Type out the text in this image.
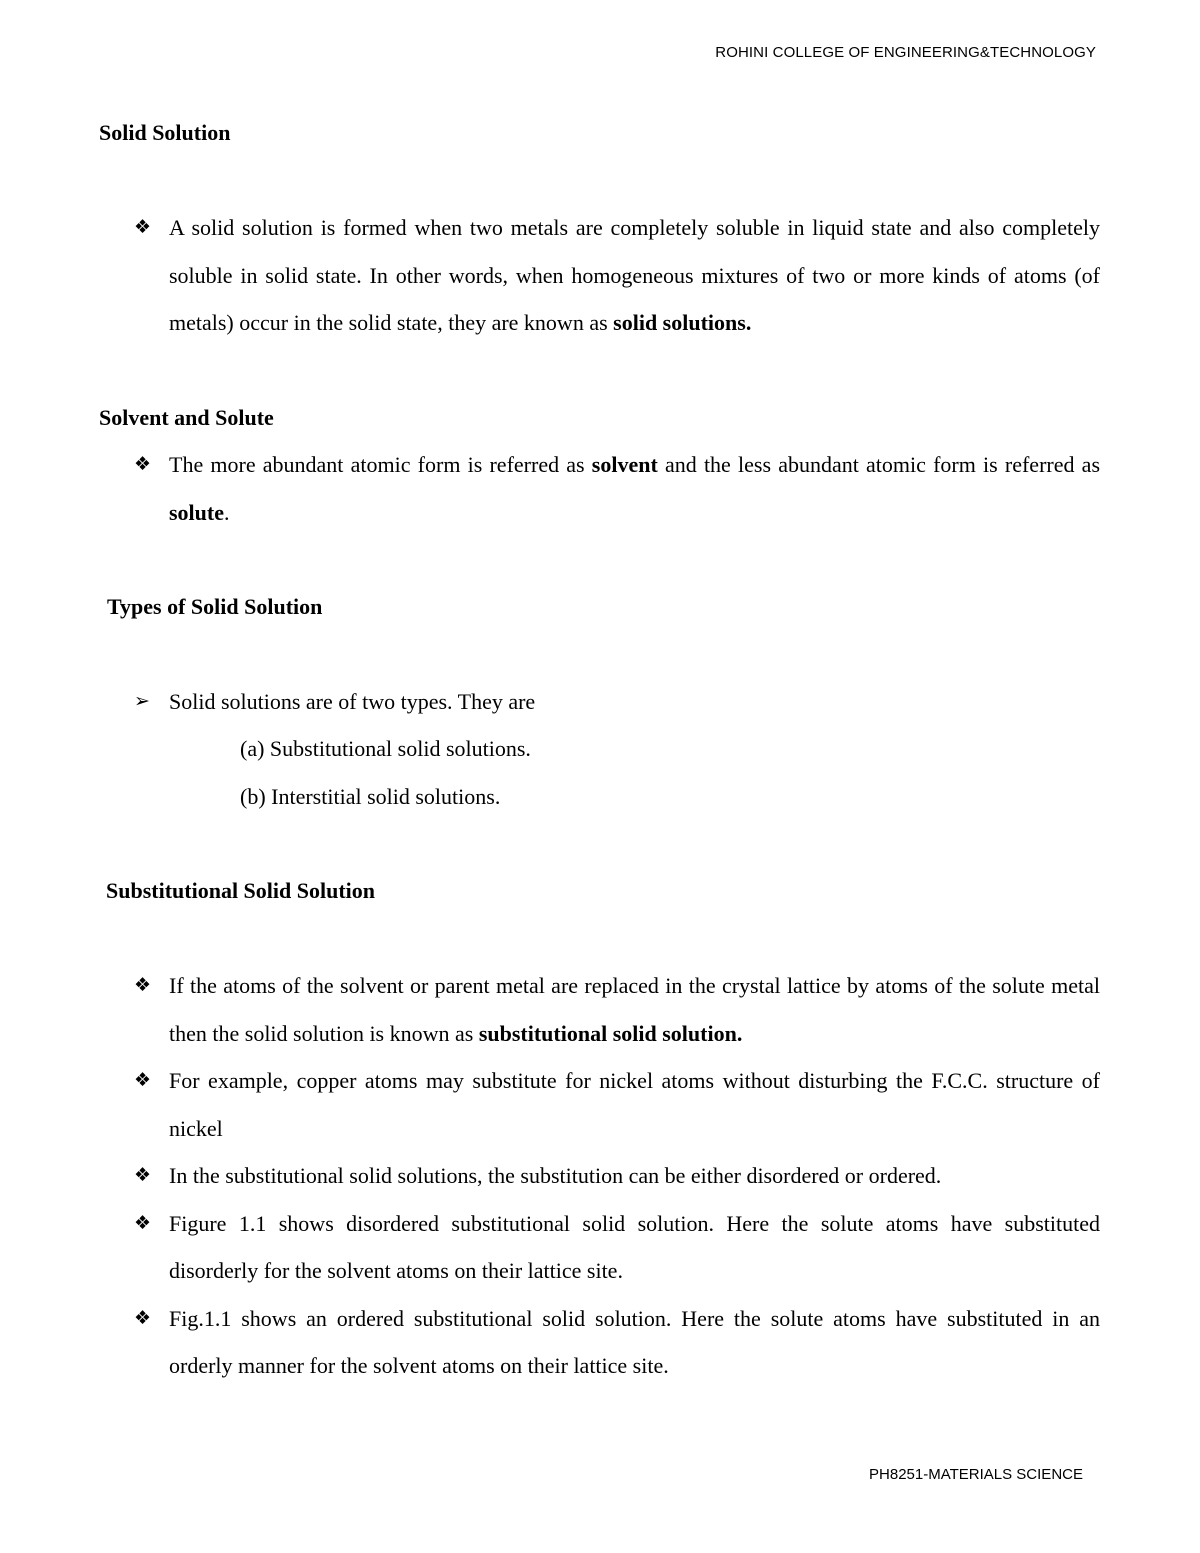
ROHINI COLLEGE OF ENGINEERING&TECHNOLOGY
Solid Solution
❖ A solid solution is formed when two metals are completely soluble in liquid state and also completely soluble in solid state. In other words, when homogeneous mixtures of two or more kinds of atoms (of metals) occur in the solid state, they are known as solid solutions.
Solvent and Solute
❖ The more abundant atomic form is referred as solvent and the less abundant atomic form is referred as solute.
Types of Solid Solution
➢ Solid solutions are of two types. They are
(a) Substitutional solid solutions.
(b) Interstitial solid solutions.
Substitutional Solid Solution
❖ If the atoms of the solvent or parent metal are replaced in the crystal lattice by atoms of the solute metal then the solid solution is known as substitutional solid solution.
❖ For example, copper atoms may substitute for nickel atoms without disturbing the F.C.C. structure of nickel
❖ In the substitutional solid solutions, the substitution can be either disordered or ordered.
❖ Figure 1.1 shows disordered substitutional solid solution. Here the solute atoms have substituted disorderly for the solvent atoms on their lattice site.
❖ Fig.1.1 shows an ordered substitutional solid solution. Here the solute atoms have substituted in an orderly manner for the solvent atoms on their lattice site.
PH8251-MATERIALS SCIENCE
